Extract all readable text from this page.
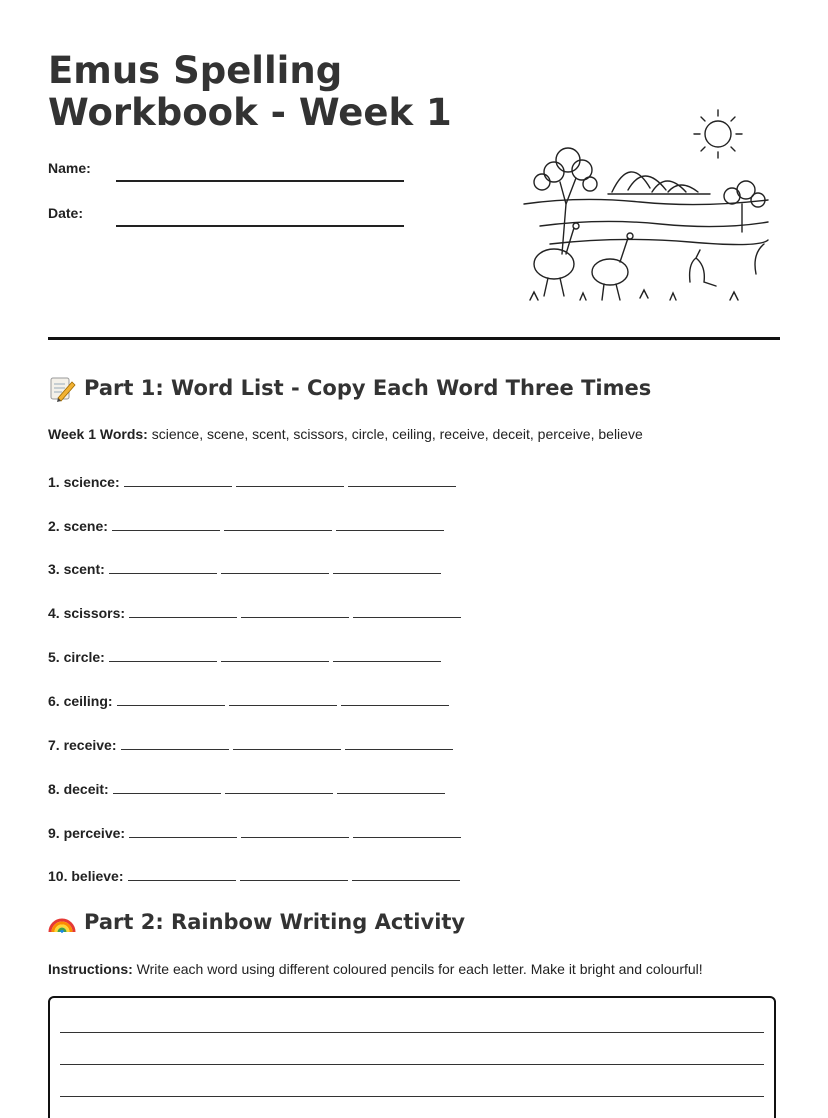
Emus Spelling Workbook - Week 1
Name:
Date:
Part 1: Word List - Copy Each Word Three Times
Week 1 Words: science, scene, scent, scissors, circle, ceiling, receive, deceit, perceive, believe
1. science:
2. scene:
3. scent:
4. scissors:
5. circle:
6. ceiling:
7. receive:
8. deceit:
9. perceive:
10. believe:
Part 2: Rainbow Writing Activity
Instructions: Write each word using different coloured pencils for each letter. Make it bright and colourful!
